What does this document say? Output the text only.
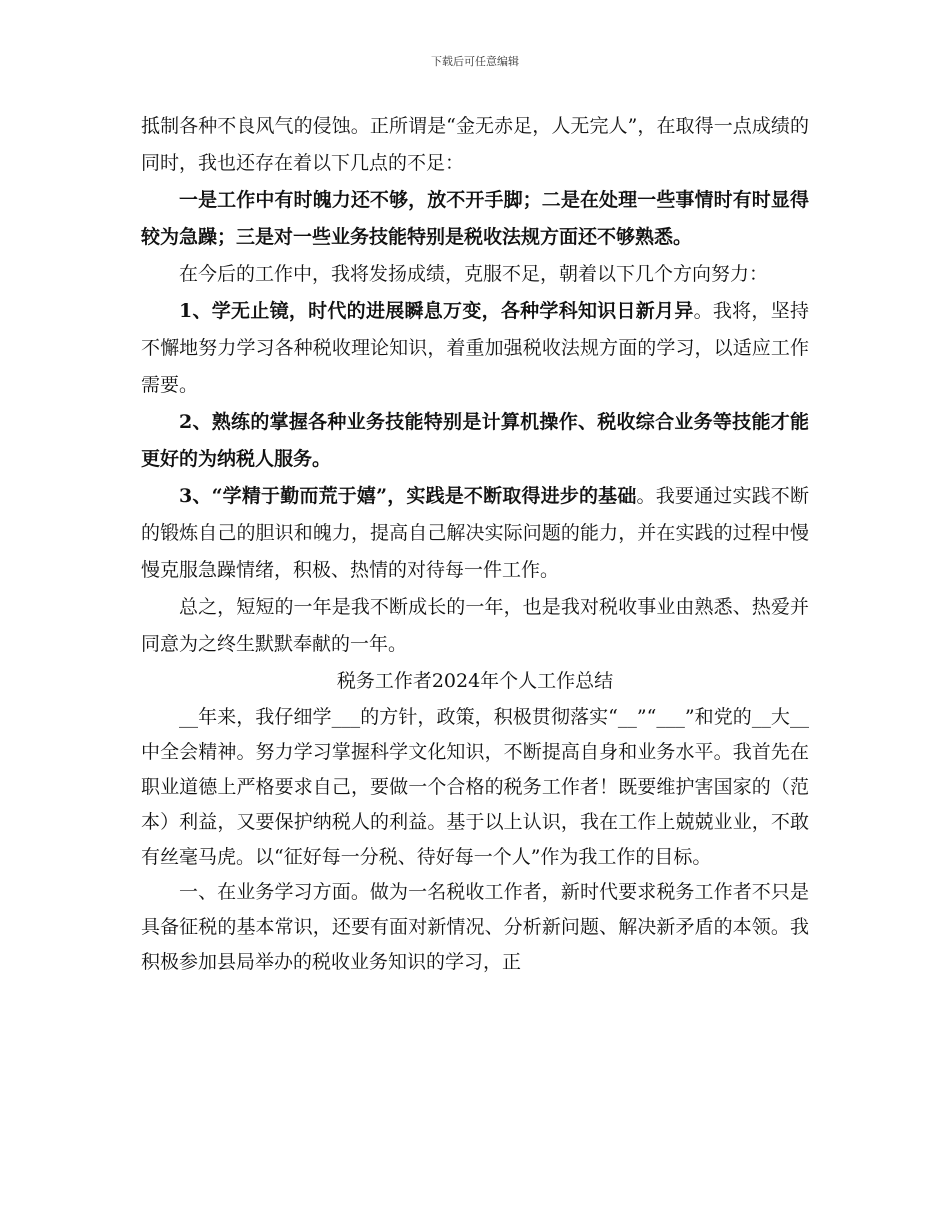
下载后可任意编辑

抵制各种不良风气的侵蚀。正所谓是“金无赤足，人无完人”，在取得一点成绩的同时，我也还存在着以下几点的不足：

一是工作中有时魄力还不够，放不开手脚；二是在处理一些事情时有时显得较为急躁；三是对一些业务技能特别是税收法规方面还不够熟悉。

在今后的工作中，我将发扬成绩，克服不足，朝着以下几个方向努力：

1、学无止镜，时代的进展瞬息万变，各种学科知识日新月异。我将，坚持不懈地努力学习各种税收理论知识，着重加强税收法规方面的学习，以适应工作需要。

2、熟练的掌握各种业务技能特别是计算机操作、税收综合业务等技能才能更好的为纳税人服务。

3、“学精于勤而荒于嬉”，实践是不断取得进步的基础。我要通过实践不断的锻炼自己的胆识和魄力，提高自己解决实际问题的能力，并在实践的过程中慢慢克服急躁情绪，积极、热情的对待每一件工作。

总之，短短的一年是我不断成长的一年，也是我对税收事业由熟悉、热爱并同意为之终生默默奉献的一年。

税务工作者2024年个人工作总结

__年来，我仔细学___的方针，政策，积极贯彻落实“__”“___”和党的__大__中全会精神。努力学习掌握科学文化知识，不断提高自身和业务水平。我首先在职业道德上严格要求自己，要做一个合格的税务工作者！既要维护害国家的（范本）利益，又要保护纳税人的利益。基于以上认识，我在工作上兢兢业业，不敢有丝毫马虎。以“征好每一分税、待好每一个人”作为我工作的目标。

一、在业务学习方面。做为一名税收工作者，新时代要求税务工作者不只是具备征税的基本常识，还要有面对新情况、分析新问题、解决新矛盾的本领。我积极参加县局举办的税收业务知识的学习，正
